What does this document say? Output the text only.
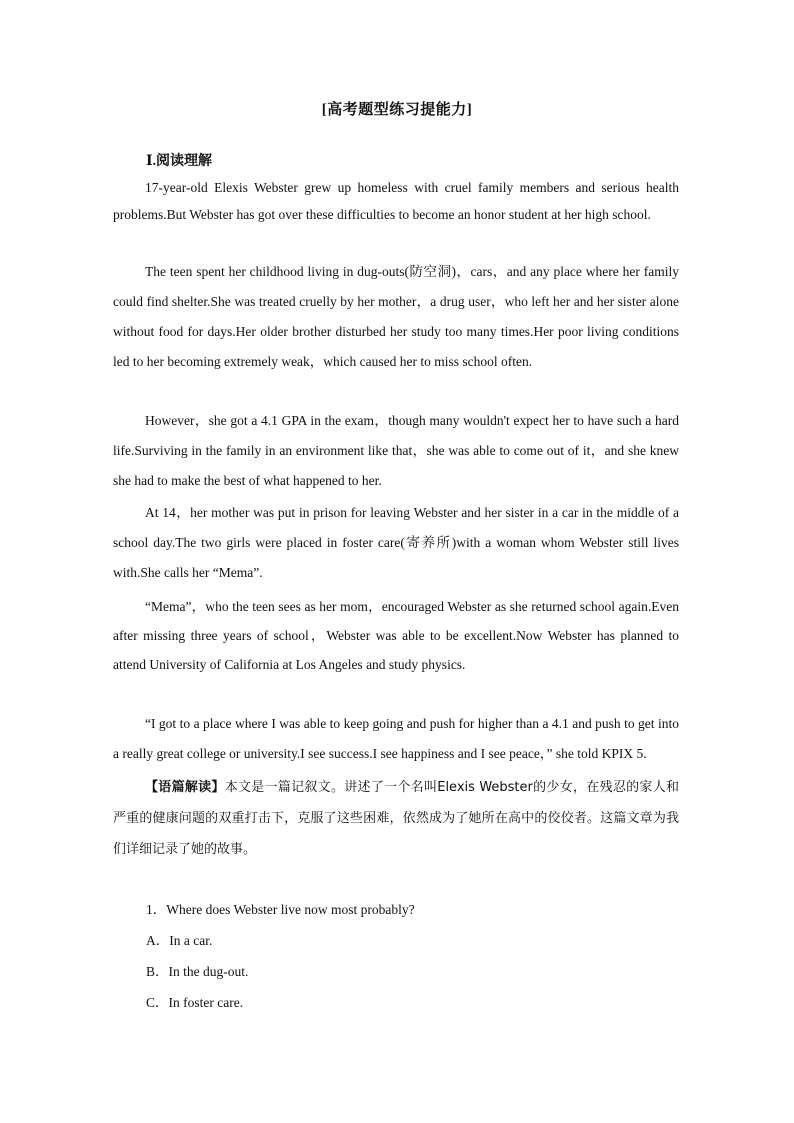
[高考题型练习提能力]
Ⅰ.阅读理解

17-year-old Elexis Webster grew up homeless with cruel family members and serious health problems.But Webster has got over these difficulties to become an honor student at her high school.

The teen spent her childhood living in dug-outs(防空洞)，cars，and any place where her family could find shelter.She was treated cruelly by her mother，a drug user，who left her and her sister alone without food for days.Her older brother disturbed her study too many times.Her poor living conditions led to her becoming extremely weak，which caused her to miss school often.

However，she got a 4.1 GPA in the exam，though many wouldn't expect her to have such a hard life.Surviving in the family in an environment like that，she was able to come out of it，and she knew she had to make the best of what happened to her.

At 14，her mother was put in prison for leaving Webster and her sister in a car in the middle of a school day.The two girls were placed in foster care(寄养所)with a woman whom Webster still lives with.She calls her “Mema”.

“Mema”，who the teen sees as her mom，encouraged Webster as she returned school again.Even after missing three years of school，Webster was able to be excellent.Now Webster has planned to attend University of California at Los Angeles and study physics.

“I got to a place where I was able to keep going and push for higher than a 4.1 and push to get into a really great college or university.I see success.I see happiness and I see peace，” she told KPIX 5.

【语篇解读】本文是一篇记叙文。讲述了一个名叫Elexis Webster的少女，在残忍的家人和严重的健康问题的双重打击下，克服了这些困难，依然成为了她所在高中的佼佼者。这篇文章为我们详细记录了她的故事。

1．Where does Webster live now most probably?
A．In a car.
B．In the dug-out.
C．In foster care.
